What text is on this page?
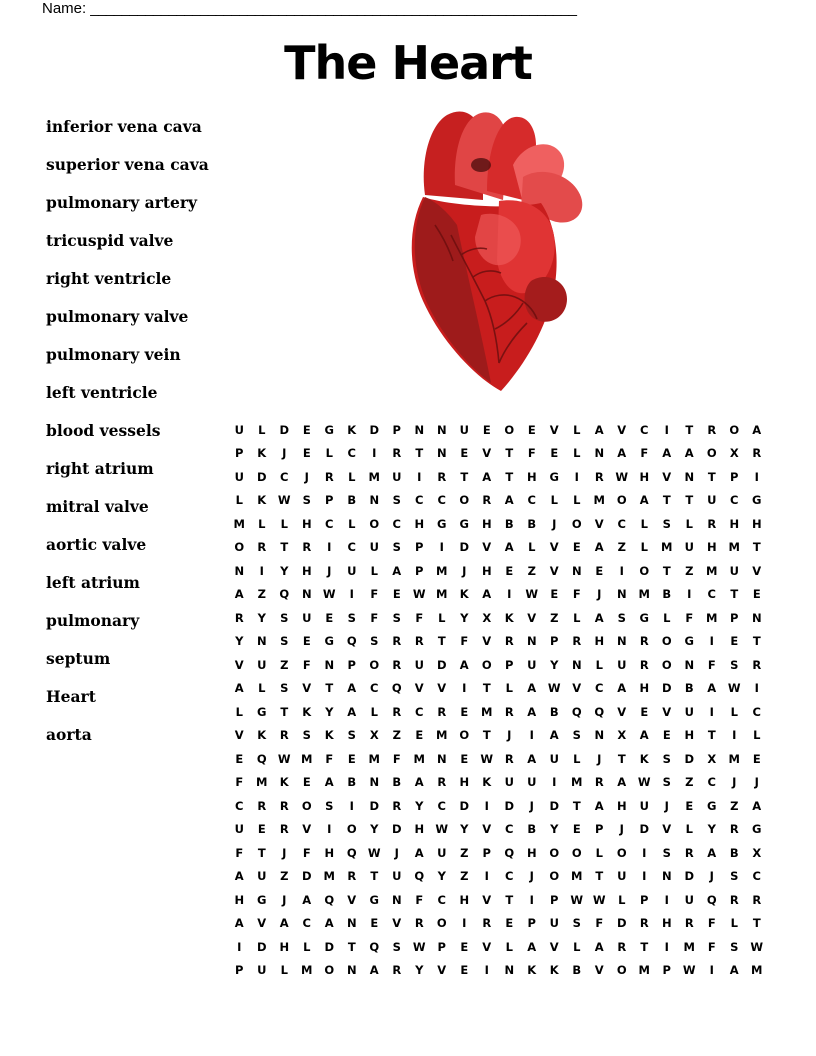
Name: ______________________________________________________________
The Heart
inferior vena cava
superior vena cava
pulmonary artery
tricuspid valve
right ventricle
pulmonary valve
pulmonary vein
left ventricle
blood vessels
right atrium
mitral valve
aortic valve
left atrium
pulmonary
septum
Heart
aorta
U	L	D	E	G	K	D	P	N	N	U	E	O	E	V	L	A	V	C	I	T	R	O	A
P	K	J	E	L	C	I	R	T	N	E	V	T	F	E	L	N	A	F	A	A	O	X	R
U	D	C	J	R	L	M	U	I	R	T	A	T	H	G	I	R	W H	V	N	T	P	I
L	K	W	S	P	B	N	S	C	C	O	R	A	C	L	L	M	O	A	T	T	U	C	G
M	L	L	H	C	L	O	C	H	G	G	H	B	B	J	O	V	C	L	S	L	R	H	H
O	R	T	R	I	C	U	S	P	I	D	V	A	L	V	E	A	Z	L	M	U	H	M	T
N	I	Y	H	J	U	L	A	P	M	J	H	E	Z	V	N	E	I	O	T	Z	M	U	V
A	Z	Q	N W	I	F	E	W M	K	A	I	W	E	F	J	N	M	B	I	C	T	E
R	Y	S	U	E	S	F	S	F	L	Y	X	K	V	Z	L	A	S	G	L	F	M	P	N
Y	N	S	E	G	Q	S	R	R	T	F	V	R	N	P	R	H	N	R	O	G	I	E	T
V	U	Z	F	N	P	O	R	U	D	A	O	P	U	Y	N	L	U	R	O	N	F	S	R
A	L	S	V	T	A	C	Q	V	V	I	T	L	A	W	V	C	A	H	D	B	A	W	I
L	G	T	K	Y	A	L	R	C	R	E	M	R	A	B	Q	Q	V	E	V	U	I	L	C
V	K	R	S	K	S	X	Z	E	M	O	T	J	I	A	S	N	X	A	E	H	T	I	L
E	Q W M	F	E	M	F	M	N	E	W	R	A	U	L	J	T	K	S	D	X	M	E
F	M	K	E	A	B	N	B	A	R	H	K	U	U	I	M	R	A	W	S	Z	C	J	J
C	R	R	O	S	I	D	R	Y	C	D	I	D	J	D	T	A	H	U	J	E	G	Z	A
U	E	R	V	I	O	Y	D	H W	Y	V	C	B	Y	E	P	J	D	V	L	Y	R	G
F	T	J	F	H	Q W	J	A	U	Z	P	Q	H	O	O	L	O	I	S	R	A	B	X
A	U	Z	D	M	R	T	U	Q	Y	Z	I	C	J	O	M	T	U	I	N	D	J	S	C
H	G	J	A	Q	V	G	N	F	C	H	V	T	I	P	W W	L	P	I	U	Q	R	R
A	V	A	C	A	N	E	V	R	O	I	R	E	P	U	S	F	D	R	H	R	F	L	T
I	D	H	L	D	T	Q	S	W	P	E	V	L	A	V	L	A	R	T	I	M	F	S	W
P	U	L	M	O	N	A	R	Y	V	E	I	N	K	K	B	V	O	M	P	W	I	A	M
